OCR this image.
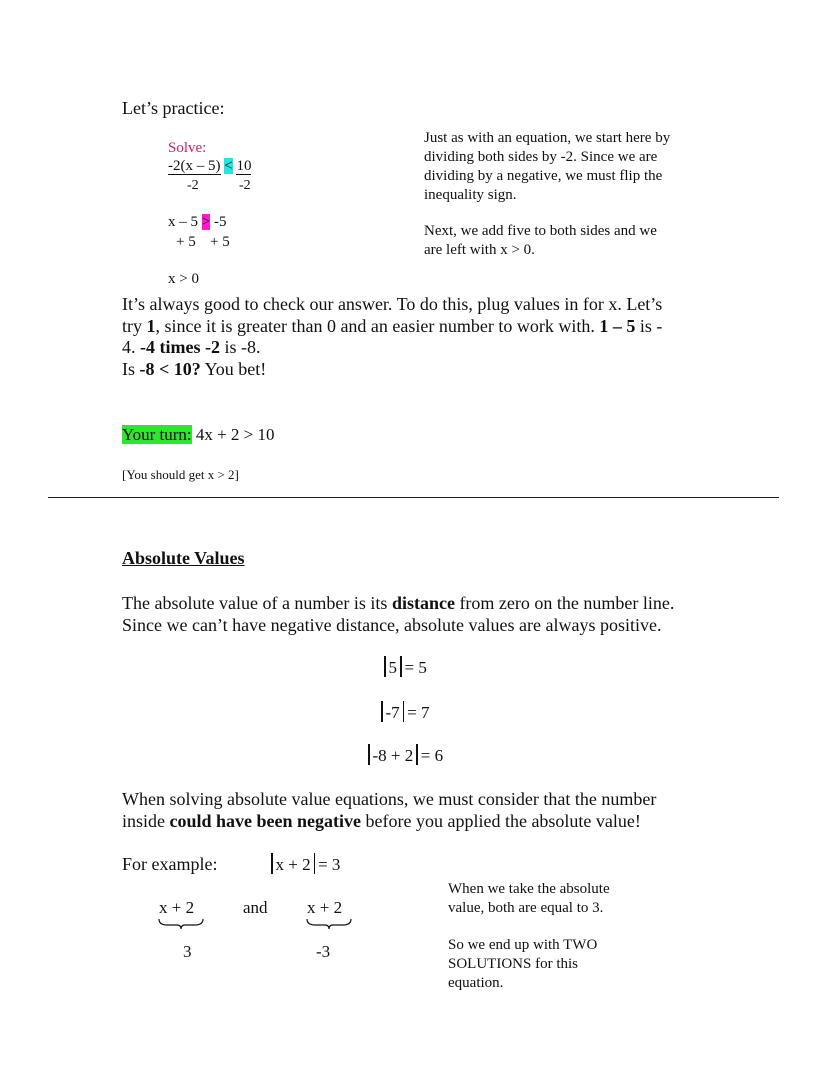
Let’s practice:
Solve:
-2(x – 5) < 10
-2	-2
x – 5 > -5
+ 5 + 5
x > 0
Just as with an equation, we start here by
dividing both sides by -2. Since we are
dividing by a negative, we must flip the
inequality sign.
Next, we add five to both sides and we
are left with x > 0.
It’s always good to check our answer. To do this, plug values in for x. Let’s
try 1, since it is greater than 0 and an easier number to work with. 1 – 5 is -
4. -4 times -2 is -8.
Is -8 < 10? You bet!
Your turn: 4x + 2 > 10
[You should get x > 2]
Absolute Values
The absolute value of a number is its distance from zero on the number line.
Since we can’t have negative distance, absolute values are always positive.
5 = 5
-7 = 7
-8 + 2 = 6
When solving absolute value equations, we must consider that the number
inside could have been negative before you applied the absolute value!
For example:	x + 2 = 3
x + 2	and x + 2
3	-3
When we take the absolute
value, both are equal to 3.
So we end up with TWO
SOLUTIONS for this
equation.
